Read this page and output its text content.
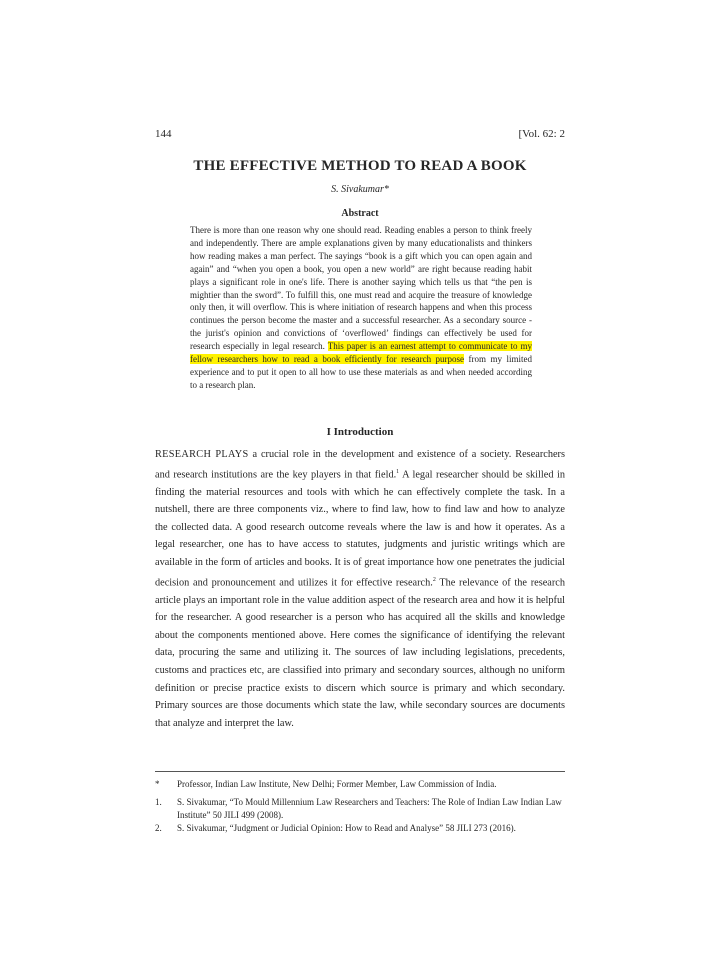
144	[Vol. 62: 2
THE EFFECTIVE METHOD TO READ A BOOK
S. Sivakumar*
Abstract
There is more than one reason why one should read. Reading enables a person to think freely and independently. There are ample explanations given by many educationalists and thinkers how reading makes a man perfect. The sayings “book is a gift which you can open again and again” and “when you open a book, you open a new world” are right because reading habit plays a significant role in one's life. There is another saying which tells us that “the pen is mightier than the sword”. To fulfill this, one must read and acquire the treasure of knowledge only then, it will overflow. This is where initiation of research happens and when this process continues the person become the master and a successful researcher. As a secondary source - the jurist's opinion and convictions of ‘overflowed’ findings can effectively be used for research especially in legal research. This paper is an earnest attempt to communicate to my fellow researchers how to read a book efficiently for research purpose from my limited experience and to put it open to all how to use these materials as and when needed according to a research plan.
I Introduction
RESEARCH PLAYS a crucial role in the development and existence of a society. Researchers and research institutions are the key players in that field.$^1$ A legal researcher should be skilled in finding the material resources and tools with which he can effectively complete the task. In a nutshell, there are three components viz., where to find law, how to find law and how to analyze the collected data. A good research outcome reveals where the law is and how it operates. As a legal researcher, one has to have access to statutes, judgments and juristic writings which are available in the form of articles and books. It is of great importance how one penetrates the judicial decision and pronouncement and utilizes it for effective research.$^2$ The relevance of the research article plays an important role in the value addition aspect of the research area and how it is helpful for the researcher. A good researcher is a person who has acquired all the skills and knowledge about the components mentioned above. Here comes the significance of identifying the relevant data, procuring the same and utilizing it. The sources of law including legislations, precedents, customs and practices etc, are classified into primary and secondary sources, although no uniform definition or precise practice exists to discern which source is primary and which secondary. Primary sources are those documents which state the law, while secondary sources are documents that analyze and interpret the law.
* Professor, Indian Law Institute, New Delhi; Former Member, Law Commission of India.
1. S. Sivakumar, “To Mould Millennium Law Researchers and Teachers: The Role of Indian Law Indian Law Institute” 50 JILI 499 (2008).
2. S. Sivakumar, “Judgment or Judicial Opinion: How to Read and Analyse” 58 JILI 273 (2016).
